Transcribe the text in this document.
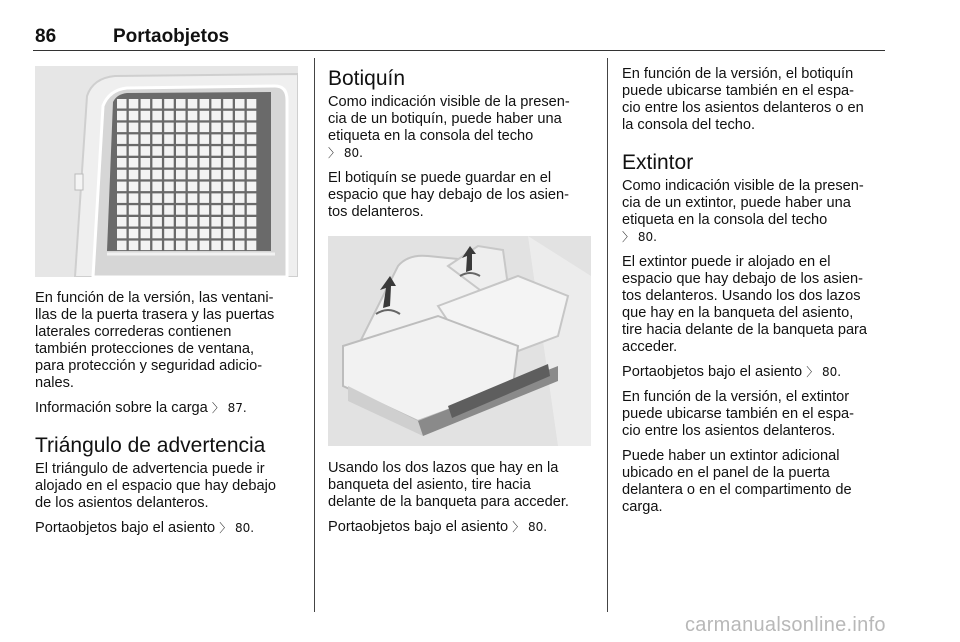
86	Portaobjetos

En función de la versión, las ventani-
llas de la puerta trasera y las puertas
laterales correderas contienen
también protecciones de ventana,
para protección y seguridad adicio-
nales.

Información sobre la carga 〉 87.

Triángulo de advertencia

El triángulo de advertencia puede ir
alojado en el espacio que hay debajo
de los asientos delanteros.

Portaobjetos bajo el asiento 〉 80.

Botiquín

Como indicación visible de la presen-
cia de un botiquín, puede haber una
etiqueta en la consola del techo
〉 80.

El botiquín se puede guardar en el
espacio que hay debajo de los asien-
tos delanteros.

Usando los dos lazos que hay en la
banqueta del asiento, tire hacia
delante de la banqueta para acceder.

Portaobjetos bajo el asiento 〉 80.

En función de la versión, el botiquín
puede ubicarse también en el espa-
cio entre los asientos delanteros o en
la consola del techo.

Extintor

Como indicación visible de la presen-
cia de un extintor, puede haber una
etiqueta en la consola del techo
〉 80.

El extintor puede ir alojado en el
espacio que hay debajo de los asien-
tos delanteros. Usando los dos lazos
que hay en la banqueta del asiento,
tire hacia delante de la banqueta para
acceder.

Portaobjetos bajo el asiento 〉 80.

En función de la versión, el extintor
puede ubicarse también en el espa-
cio entre los asientos delanteros.

Puede haber un extintor adicional
ubicado en el panel de la puerta
delantera o en el compartimento de
carga.

carmanualsonline.info
